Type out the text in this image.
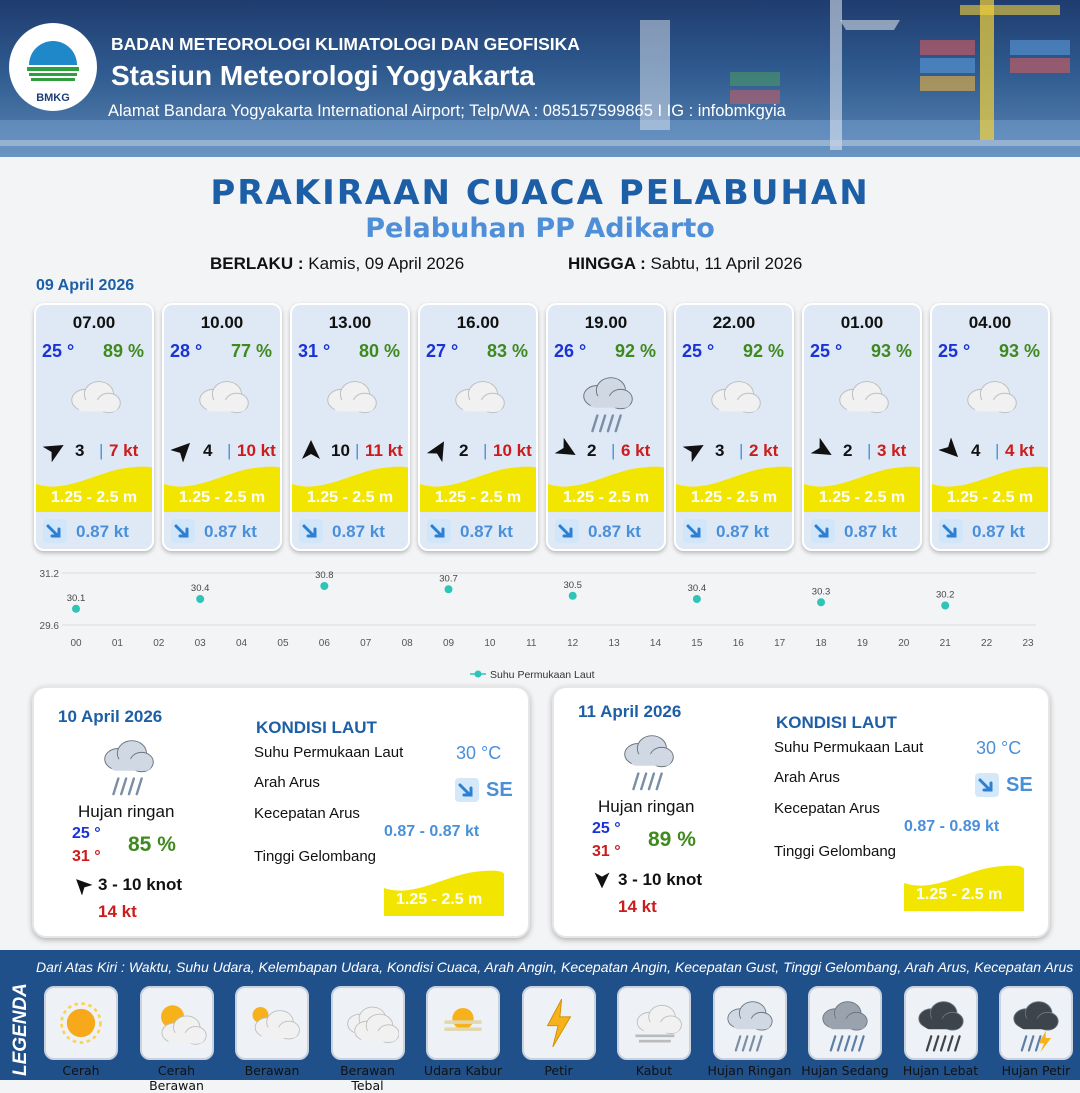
BMKG
BADAN METEOROLOGI KLIMATOLOGI DAN GEOFISIKA
Stasiun Meteorologi Yogyakarta
Alamat Bandara Yogyakarta International Airport; Telp/WA : 085157599865 I IG : infobmkgyia
PRAKIRAAN CUACA PELABUHAN
Pelabuhan PP Adikarto
BERLAKU : Kamis, 09 April 2026	HINGGA : Sabtu, 11 April 2026
09 April 2026
07.00
25 ° 89 %
3 | 7 kt
1.25 - 2.5 m
0.87 kt
10.00
28 ° 77 %
4 | 10 kt
1.25 - 2.5 m
0.87 kt
13.00
31 ° 80 %
10 | 11 kt
1.25 - 2.5 m
0.87 kt
16.00
27 ° 83 %
2 | 10 kt
1.25 - 2.5 m
0.87 kt
19.00
26 ° 92 %
2 | 6 kt
1.25 - 2.5 m
0.87 kt
22.00
25 ° 92 %
3 | 2 kt
1.25 - 2.5 m
0.87 kt
01.00
25 ° 93 %
2 | 3 kt
1.25 - 2.5 m
0.87 kt
04.00
25 ° 93 %
4 | 4 kt
1.25 - 2.5 m
0.87 kt
31.2
29.6
00	01	02	03	04	05	06	07	08	09	10	11	12	13	14	15	16	17	18	19	20	21	22	23
30.1
30.4
30.8	30.7
30.5	30.4	30.3	30.2
Suhu Permukaan Laut
10 April 2026
Hujan ringan
25 °
31 °
85 %
3 - 10 knot
14 kt
KONDISI LAUT
Suhu Permukaan Laut	30 °C
Arah Arus	SE
Kecepatan Arus
0.87 - 0.87 kt
Tinggi Gelombang
1.25 - 2.5 m
11 April 2026
Hujan ringan
25 °
31 °
89 %
3 - 10 knot
14 kt
KONDISI LAUT
Suhu Permukaan Laut	30 °C
Arah Arus	SE
Kecepatan Arus
0.87 - 0.89 kt
Tinggi Gelombang
1.25 - 2.5 m
LEGENDA
Dari Atas Kiri : Waktu, Suhu Udara, Kelembapan Udara, Kondisi Cuaca, Arah Angin, Kecepatan Angin, Kecepatan Gust, Tinggi Gelombang, Arah Arus, Kecepatan Arus
Cerah	Cerah Berawan
Berawan	Berawan Tebal
Udara Kabur	Petir	Kabut	Hujan Ringan Hujan Sedang	Hujan Lebat	Hujan Petir
